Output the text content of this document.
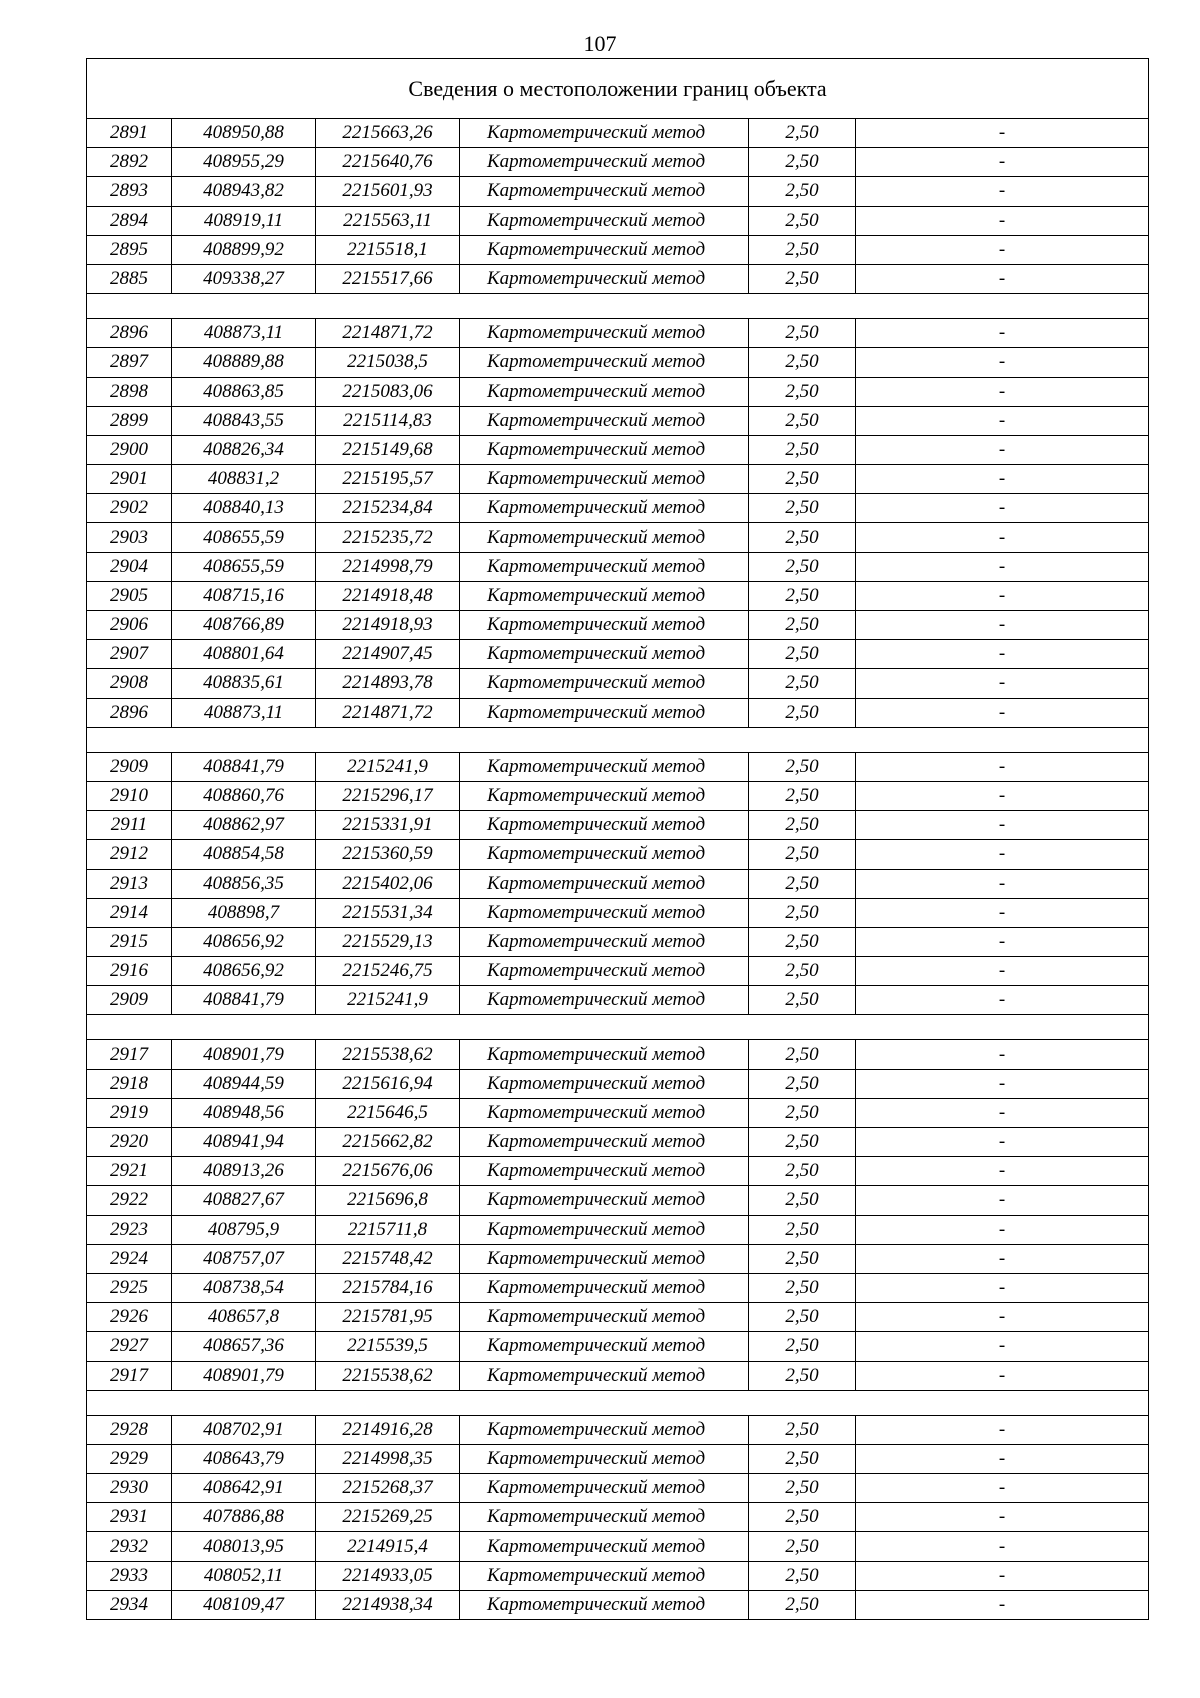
107
Сведения о местоположении границ объекта					
2891	408950,88	2215663,26	Картометрический метод	2,50	-
2892	408955,29	2215640,76	Картометрический метод	2,50	-
2893	408943,82	2215601,93	Картометрический метод	2,50	-
2894	408919,11	2215563,11	Картометрический метод	2,50	-
2895	408899,92	2215518,1	Картометрический метод	2,50	-
2885	409338,27	2215517,66	Картометрический метод	2,50	-

2896	408873,11	2214871,72	Картометрический метод	2,50	-
2897	408889,88	2215038,5	Картометрический метод	2,50	-
2898	408863,85	2215083,06	Картометрический метод	2,50	-
2899	408843,55	2215114,83	Картометрический метод	2,50	-
2900	408826,34	2215149,68	Картометрический метод	2,50	-
2901	408831,2	2215195,57	Картометрический метод	2,50	-
2902	408840,13	2215234,84	Картометрический метод	2,50	-
2903	408655,59	2215235,72	Картометрический метод	2,50	-
2904	408655,59	2214998,79	Картометрический метод	2,50	-
2905	408715,16	2214918,48	Картометрический метод	2,50	-
2906	408766,89	2214918,93	Картометрический метод	2,50	-
2907	408801,64	2214907,45	Картометрический метод	2,50	-
2908	408835,61	2214893,78	Картометрический метод	2,50	-
2896	408873,11	2214871,72	Картометрический метод	2,50	-

2909	408841,79	2215241,9	Картометрический метод	2,50	-
2910	408860,76	2215296,17	Картометрический метод	2,50	-
2911	408862,97	2215331,91	Картометрический метод	2,50	-
2912	408854,58	2215360,59	Картометрический метод	2,50	-
2913	408856,35	2215402,06	Картометрический метод	2,50	-
2914	408898,7	2215531,34	Картометрический метод	2,50	-
2915	408656,92	2215529,13	Картометрический метод	2,50	-
2916	408656,92	2215246,75	Картометрический метод	2,50	-
2909	408841,79	2215241,9	Картометрический метод	2,50	-

2917	408901,79	2215538,62	Картометрический метод	2,50	-
2918	408944,59	2215616,94	Картометрический метод	2,50	-
2919	408948,56	2215646,5	Картометрический метод	2,50	-
2920	408941,94	2215662,82	Картометрический метод	2,50	-
2921	408913,26	2215676,06	Картометрический метод	2,50	-
2922	408827,67	2215696,8	Картометрический метод	2,50	-
2923	408795,9	2215711,8	Картометрический метод	2,50	-
2924	408757,07	2215748,42	Картометрический метод	2,50	-
2925	408738,54	2215784,16	Картометрический метод	2,50	-
2926	408657,8	2215781,95	Картометрический метод	2,50	-
2927	408657,36	2215539,5	Картометрический метод	2,50	-
2917	408901,79	2215538,62	Картометрический метод	2,50	-

2928	408702,91	2214916,28	Картометрический метод	2,50	-
2929	408643,79	2214998,35	Картометрический метод	2,50	-
2930	408642,91	2215268,37	Картометрический метод	2,50	-
2931	407886,88	2215269,25	Картометрический метод	2,50	-
2932	408013,95	2214915,4	Картометрический метод	2,50	-
2933	408052,11	2214933,05	Картометрический метод	2,50	-
2934	408109,47	2214938,34	Картометрический метод	2,50	-
